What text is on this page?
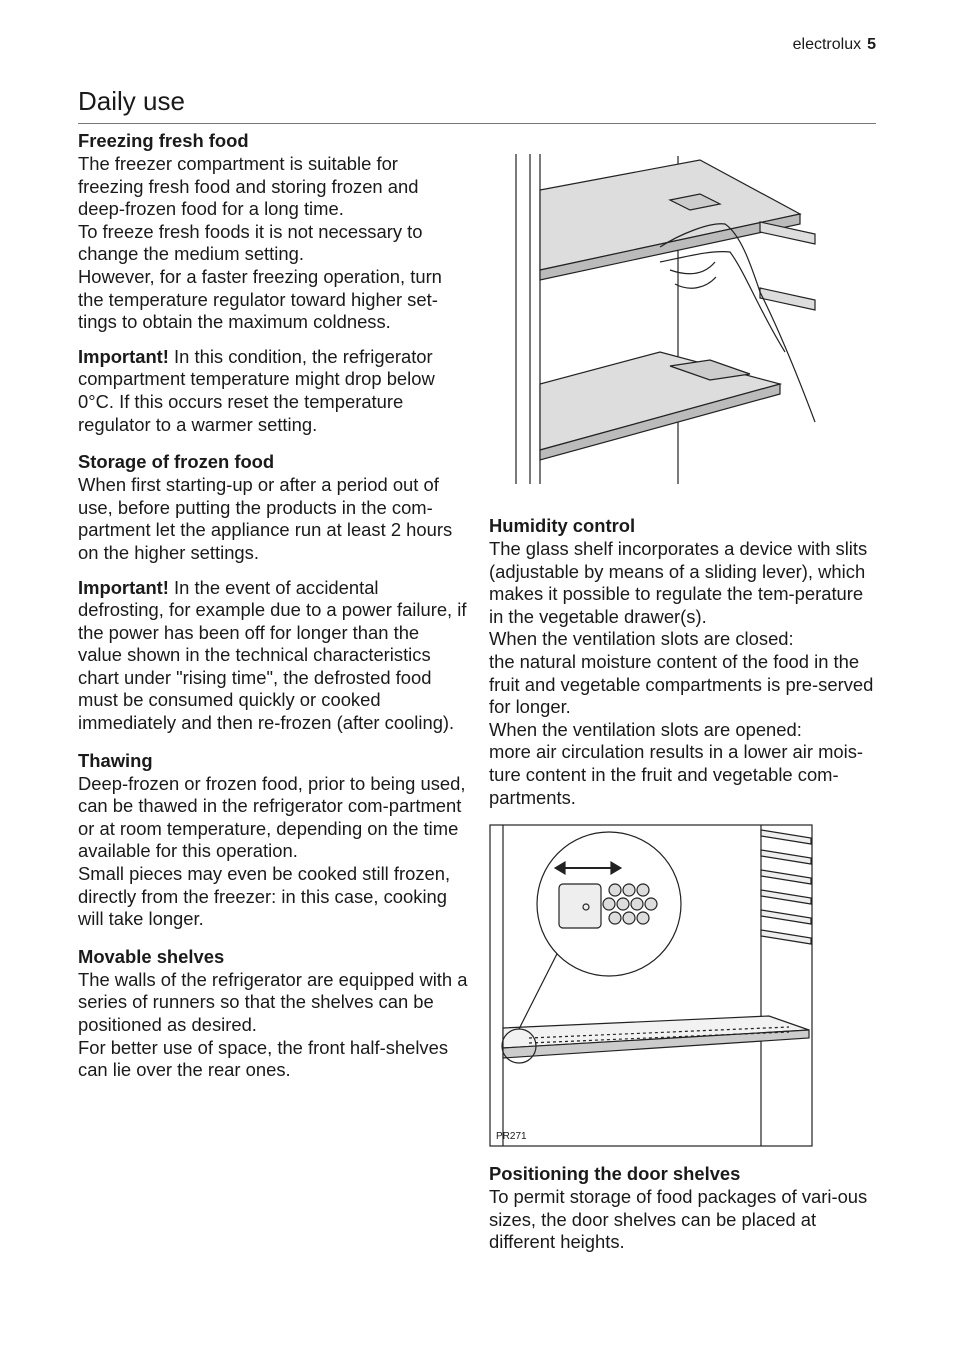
electrolux 5
Daily use
Freezing fresh food

The freezer compartment is suitable for freezing fresh food and storing frozen and deep-frozen food for a long time.

To freeze fresh foods it is not necessary to change the medium setting.

However, for a faster freezing operation, turn the temperature regulator toward higher set-tings to obtain the maximum coldness.

Important! In this condition, the refrigerator compartment temperature might drop below 0°C. If this occurs reset the temperature regulator to a warmer setting.

Storage of frozen food

When first starting-up or after a period out of use, before putting the products in the com-partment let the appliance run at least 2 hours on the higher settings.

Important! In the event of accidental defrosting, for example due to a power failure, if the power has been off for longer than the value shown in the technical characteristics chart under "rising time", the defrosted food must be consumed quickly or cooked immediately and then re-frozen (after cooling).

Thawing

Deep-frozen or frozen food, prior to being used, can be thawed in the refrigerator com-partment or at room temperature, depending on the time available for this operation.

Small pieces may even be cooked still frozen, directly from the freezer: in this case, cooking will take longer.

Movable shelves

The walls of the refrigerator are equipped with a series of runners so that the shelves can be positioned as desired.

For better use of space, the front half-shelves can lie over the rear ones.

Humidity control

The glass shelf incorporates a device with slits (adjustable by means of a sliding lever), which makes it possible to regulate the tem-perature in the vegetable drawer(s).

When the ventilation slots are closed:

the natural moisture content of the food in the fruit and vegetable compartments is pre-served for longer.

When the ventilation slots are opened:

more air circulation results in a lower air mois-ture content in the fruit and vegetable com-partments.

PR271
Positioning the door shelves

To permit storage of food packages of vari-ous sizes, the door shelves can be placed at different heights.
